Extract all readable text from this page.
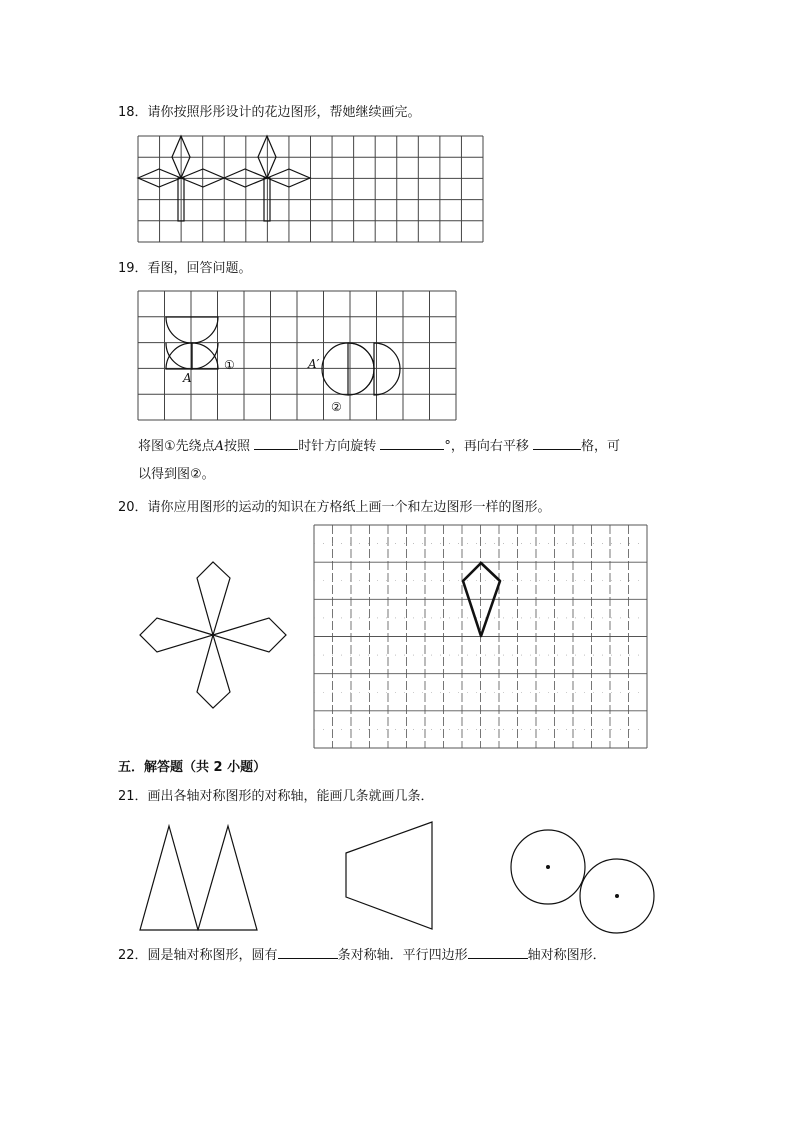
18．请你按照彤彤设计的花边图形，帮她继续画完。
19．看图，回答问题。
A
①	A′
②
将图①先绕点A按照	时针方向旋转	°，再向右平移	格，可
以得到图②。
20．请你应用图形的运动的知识在方格纸上画一个和左边图形一样的图形。
五．解答题（共 2 小题）
21．画出各轴对称图形的对称轴，能画几条就画几条．
22．圆是轴对称图形，圆有	条对称轴．平行四边形	轴对称图形．
